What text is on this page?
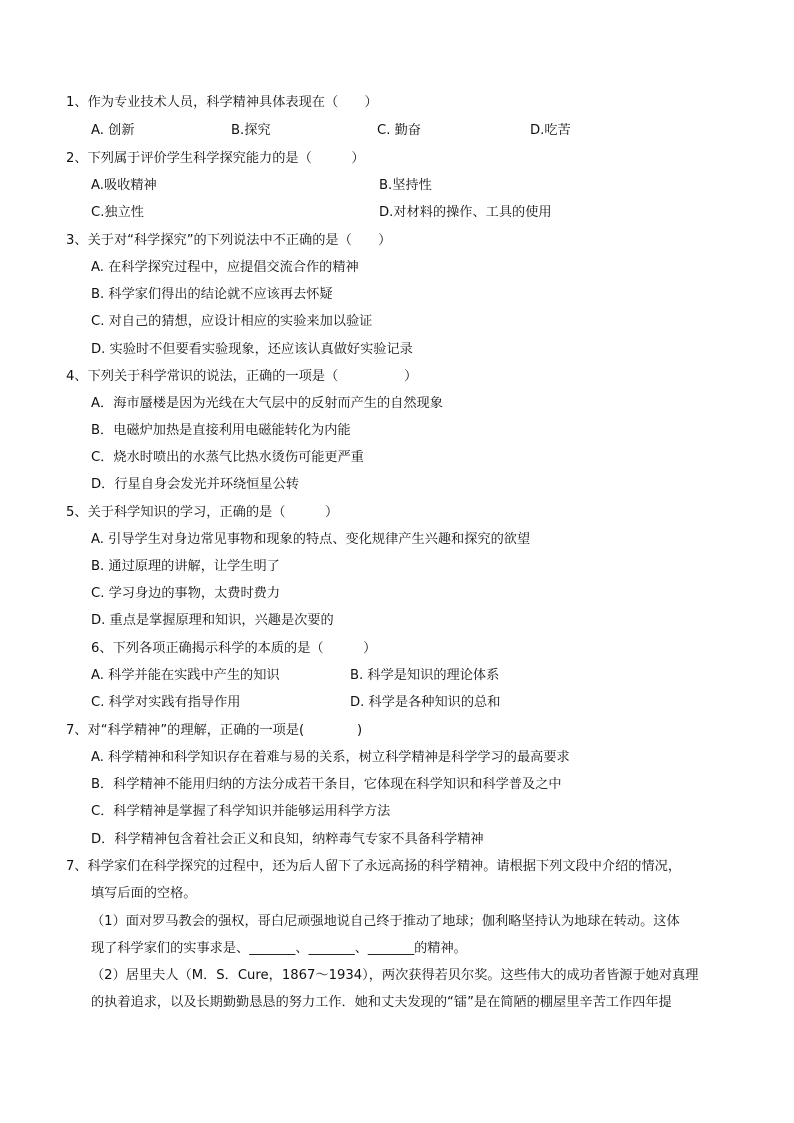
1、作为专业技术人员，科学精神具体表现在（　　）
A. 创新	B.探究	C. 勤奋	D.吃苦
2、下列属于评价学生科学探究能力的是（　　　）
A.吸收精神	B.坚持性
C.独立性	D.对材料的操作、工具的使用
3、关于对“科学探究”的下列说法中不正确的是（　　）
A. 在科学探究过程中，应提倡交流合作的精神
B. 科学家们得出的结论就不应该再去怀疑
C. 对自己的猜想，应设计相应的实验来加以验证
D. 实验时不但要看实验现象，还应该认真做好实验记录
4、下列关于科学常识的说法，正确的一项是（　　　　　）
A．海市蜃楼是因为光线在大气层中的反射而产生的自然现象
B．电磁炉加热是直接利用电磁能转化为内能
C．烧水时喷出的水蒸气比热水烫伤可能更严重
D．行星自身会发光并环绕恒星公转
5、关于科学知识的学习，正确的是（　　　）
A. 引导学生对身边常见事物和现象的特点、变化规律产生兴趣和探究的欲望
B. 通过原理的讲解，让学生明了
C. 学习身边的事物，太费时费力
D. 重点是掌握原理和知识，兴趣是次要的
6、下列各项正确揭示科学的本质的是（　　　）
A. 科学并能在实践中产生的知识	B. 科学是知识的理论体系
C. 科学对实践有指导作用	D. 科学是各种知识的总和
7、对“科学精神”的理解，正确的一项是(　　　　)
A. 科学精神和科学知识存在着难与易的关系，树立科学精神是科学学习的最高要求
B．科学精神不能用归纳的方法分成若干条目，它体现在科学知识和科学普及之中
C．科学精神是掌握了科学知识并能够运用科学方法
D．科学精神包含着社会正义和良知，纳粹毒气专家不具备科学精神
7、科学家们在科学探究的过程中，还为后人留下了永远高扬的科学精神。请根据下列文段中介绍的情况，
填写后面的空格。
（1）面对罗马教会的强权，哥白尼顽强地说自己终于推动了地球；伽利略坚持认为地球在转动。这体
现了科学家们的实事求是、_______、_______、_______的精神。
（2）居里夫人（M．S．Cure，1867～1934），两次获得若贝尔奖。这些伟大的成功者皆源于她对真理
的执着追求，以及长期勤勤恳恳的努力工作．她和丈夫发现的“镭”是在简陋的棚屋里辛苦工作四年提
